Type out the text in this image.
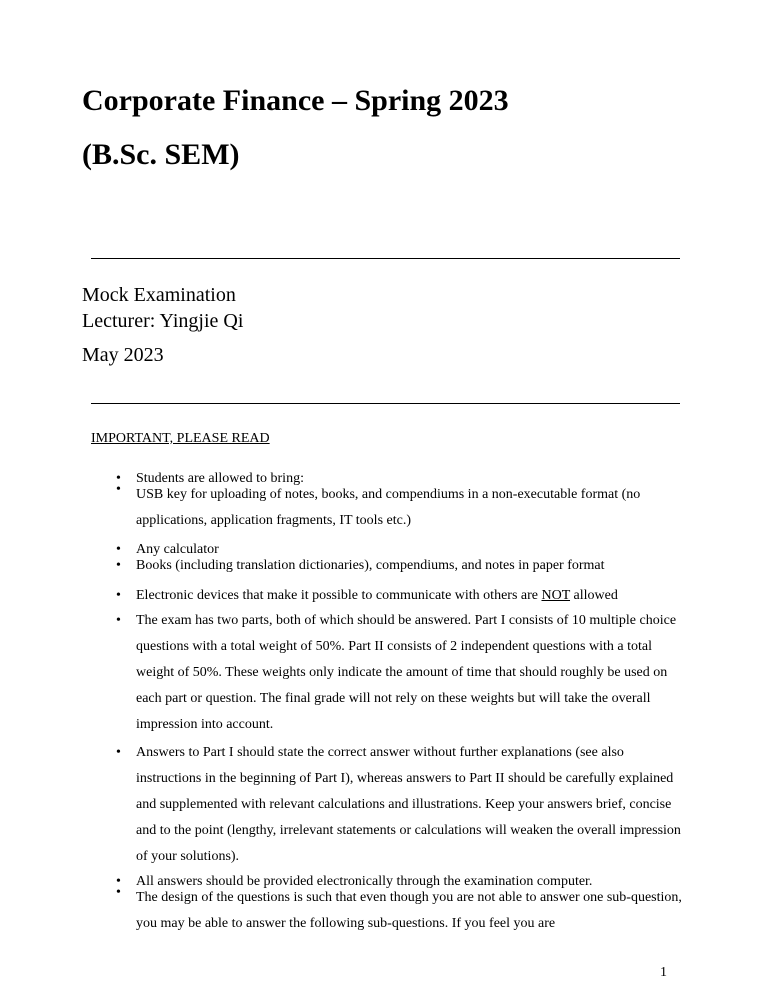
Corporate Finance – Spring 2023
(B.Sc. SEM)
Mock Examination
Lecturer: Yingjie Qi
May 2023
IMPORTANT, PLEASE READ
• Students are allowed to bring:
• USB key for uploading of notes, books, and compendiums in a non-executable format (no applications, application fragments, IT tools etc.)
• Any calculator
• Books (including translation dictionaries), compendiums, and notes in paper format
• Electronic devices that make it possible to communicate with others are NOT allowed
• The exam has two parts, both of which should be answered. Part I consists of 10 multiple choice questions with a total weight of 50%. Part II consists of 2 independent questions with a total weight of 50%. These weights only indicate the amount of time that should roughly be used on each part or question. The final grade will not rely on these weights but will take the overall impression into account.
• Answers to Part I should state the correct answer without further explanations (see also instructions in the beginning of Part I), whereas answers to Part II should be carefully explained and supplemented with relevant calculations and illustrations. Keep your answers brief, concise and to the point (lengthy, irrelevant statements or calculations will weaken the overall impression of your solutions).
• All answers should be provided electronically through the examination computer.
• The design of the questions is such that even though you are not able to answer one sub-question, you may be able to answer the following sub-questions. If you feel you are
1
